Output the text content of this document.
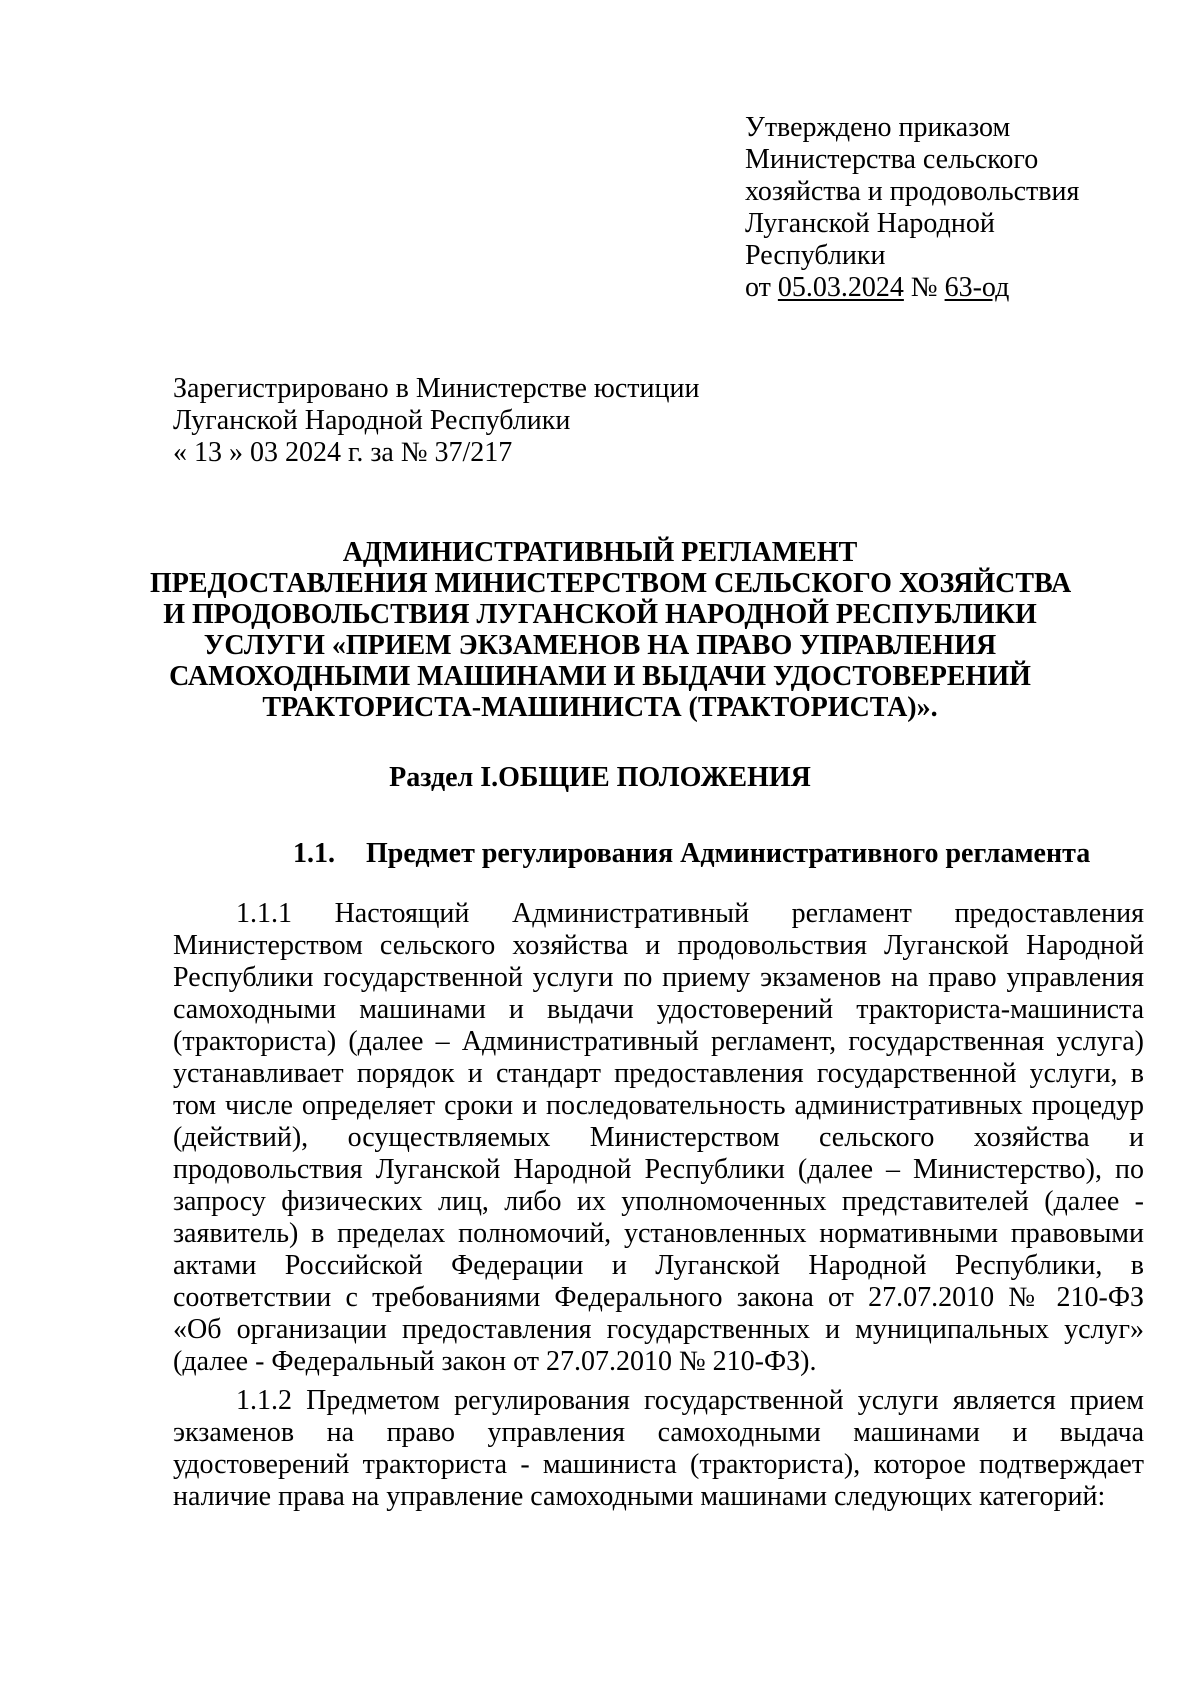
Утверждено приказом
Министерства сельского
хозяйства и продовольствия
Луганской Народной
Республики
от 05.03.2024 № 63-од
Зарегистрировано в Министерстве юстиции
Луганской Народной Республики
« 13 » 03 2024 г. за № 37/217
АДМИНИСТРАТИВНЫЙ РЕГЛАМЕНТ
ПРЕДОСТАВЛЕНИЯ МИНИСТЕРСТВОМ СЕЛЬСКОГО ХОЗЯЙСТВА
И ПРОДОВОЛЬСТВИЯ ЛУГАНСКОЙ НАРОДНОЙ РЕСПУБЛИКИ
УСЛУГИ «ПРИЕМ ЭКЗАМЕНОВ НА ПРАВО УПРАВЛЕНИЯ
САМОХОДНЫМИ МАШИНАМИ И ВЫДАЧИ УДОСТОВЕРЕНИЙ
ТРАКТОРИСТА-МАШИНИСТА (ТРАКТОРИСТА)».
Раздел I.ОБЩИЕ ПОЛОЖЕНИЯ
1.1. Предмет регулирования Административного регламента
1.1.1 Настоящий Административный регламент предоставления
Министерством сельского хозяйства и продовольствия Луганской Народной
Республики государственной услуги по приему экзаменов на право управления
самоходными машинами и выдачи удостоверений тракториста-машиниста
(тракториста) (далее – Административный регламент, государственная услуга)
устанавливает порядок и стандарт предоставления государственной услуги, в
том числе определяет сроки и последовательность административных процедур
(действий), осуществляемых Министерством сельского хозяйства и
продовольствия Луганской Народной Республики (далее – Министерство), по
запросу физических лиц, либо их уполномоченных представителей (далее -
заявитель) в пределах полномочий, установленных нормативными правовыми
актами Российской Федерации и Луганской Народной Республики, в
соответствии с требованиями Федерального закона от 27.07.2010 № 210-ФЗ
«Об организации предоставления государственных и муниципальных услуг»
(далее - Федеральный закон от 27.07.2010 № 210-ФЗ).
1.1.2 Предметом регулирования государственной услуги является прием
экзаменов на право управления самоходными машинами и выдача
удостоверений тракториста - машиниста (тракториста), которое подтверждает
наличие права на управление самоходными машинами следующих категорий:
